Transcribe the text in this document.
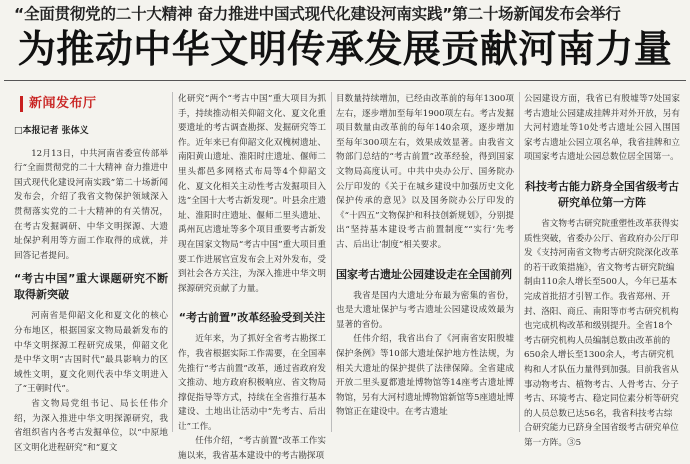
“全面贯彻党的二十大精神 奋力推进中国式现代化建设河南实践”第二十场新闻发布会举行
为推动中华文明传承发展贡献河南力量
新闻发布厅
□本报记者 张体义

12月13日，中共河南省委宣传部举行“全面贯彻党的二十大精神 奋力推进中国式现代化建设河南实践”第二十场新闻发布会，介绍了我省文物保护领域深入贯彻落实党的二十大精神的有关情况，在考古发掘调研、中华文明探源、大遗址保护利用等方面工作取得的成就，并回答记者提问。

“考古中国”重大课题研究不断取得新突破

河南省是仰韶文化和夏文化的核心分布地区，根据国家文物局最新发布的中华文明探源工程研究成果，仰韶文化是中华文明“古国时代”最具影响力的区域性文明，夏文化则代表中华文明进入了“王朝时代”。

省文物局党组书记、局长任伟介绍，为深入推进中华文明探源研究，我省组织省内各考古发掘单位，以“中原地区文明化进程研究”和“夏文

化研究”两个“考古中国”重大项目为抓手，持续推动相关仰韶文化、夏文化重要遗址的考古调查勘探、发掘研究等工作。近年来已有仰韶文化双槐树遗址、南阳黄山遗址、淮阳时庄遗址、偃师二里头都邑多网格式布局等4个仰韶文化、夏文化相关主动性考古发掘项目入选“全国十大考古新发现”。叶县余庄遗址、淮阳时庄遗址、偃师二里头遗址、禹州瓦店遗址等多个项目重要考古新发现在国家文物局“考古中国”重大项目重要工作进展官宣发布会上对外发布，受到社会各方关注，为深入推进中华文明探源研究贡献了力量。

“考古前置”改革经验受到关注

近年来，为了抓好全省考古勘探工作，我省根据实际工作需要，在全国率先推行“考古前置”改革，通过省政府发文推动、地方政府积极响应、省文物局撑促指导等方式，持续在全省推行基本建设、土地出让活动中“先考古、后出让”工作。

任伟介绍，“考古前置”改革工作实施以来，我省基本建设中的考古勘探项

目数量持续增加，已经由改革前的每年1300项左右，逐步增加至每年1900项左右。考古发掘项目数量由改革前的每年140余项，逐步增加至每年300项左右，效果成效显著。由我省文物部门总结的“考古前置”改革经验，得到国家文物局高度认可。中共中央办公厅、国务院办公厅印发的《关于在城乡建设中加强历史文化保护传承的意见》以及国务院办公厅印发的《“十四五”文物保护和科技创新规划》，分别提出“坚持基本建设考古前置制度”“实行‘先考古、后出让’制度”相关要求。

国家考古遗址公园建设走在全国前列

我省是国内大遗址分布最为密集的省份，也是大遗址保护与考古遗址公园建设成效最为显著的省份。

任伟介绍，我省出台了《河南省安阳殷墟保护条例》等10部大遗址保护地方性法规，为相关大遗址的保护提供了法律保障。全省建成开放二里头夏都遗址博物馆等14座考古遗址博物馆，另有大河村遗址博物馆新馆等5座遗址博物馆正在建设中。在考古遗址

公园建设方面，我省已有殷墟等7处国家考古遗址公园建成挂牌并对外开放，另有大河村遗址等10处考古遗址公园入围国家考古遗址公园立项名单，我省挂牌和立项国家考古遗址公园总数位居全国第一。

科技考古能力跻身全国省级考古研究单位第一方阵

省文物考古研究院重塑性改革获得实质性突破，省委办公厅、省政府办公厅印发《支持河南省文物考古研究院深化改革的若干政策措施》，省文物考古研究院编制由110余人增长至500人，今年已基本完成首批招才引智工作。我省郑州、开封、洛阳、商丘、南阳等市考古研究机构也完成机构改革和级别提升。全省18个考古研究机构人员编制总数由改革前的650余人增长至1300余人，考古研究机构和人才队伍力量得到加强。目前我省从事动物考古、植物考古、人骨考古、分子考古、环境考古、稳定同位素分析等研究的人员总数已达56名，我省科技考古综合研究能力已跻身全国省级考古研究单位第一方阵。③5
